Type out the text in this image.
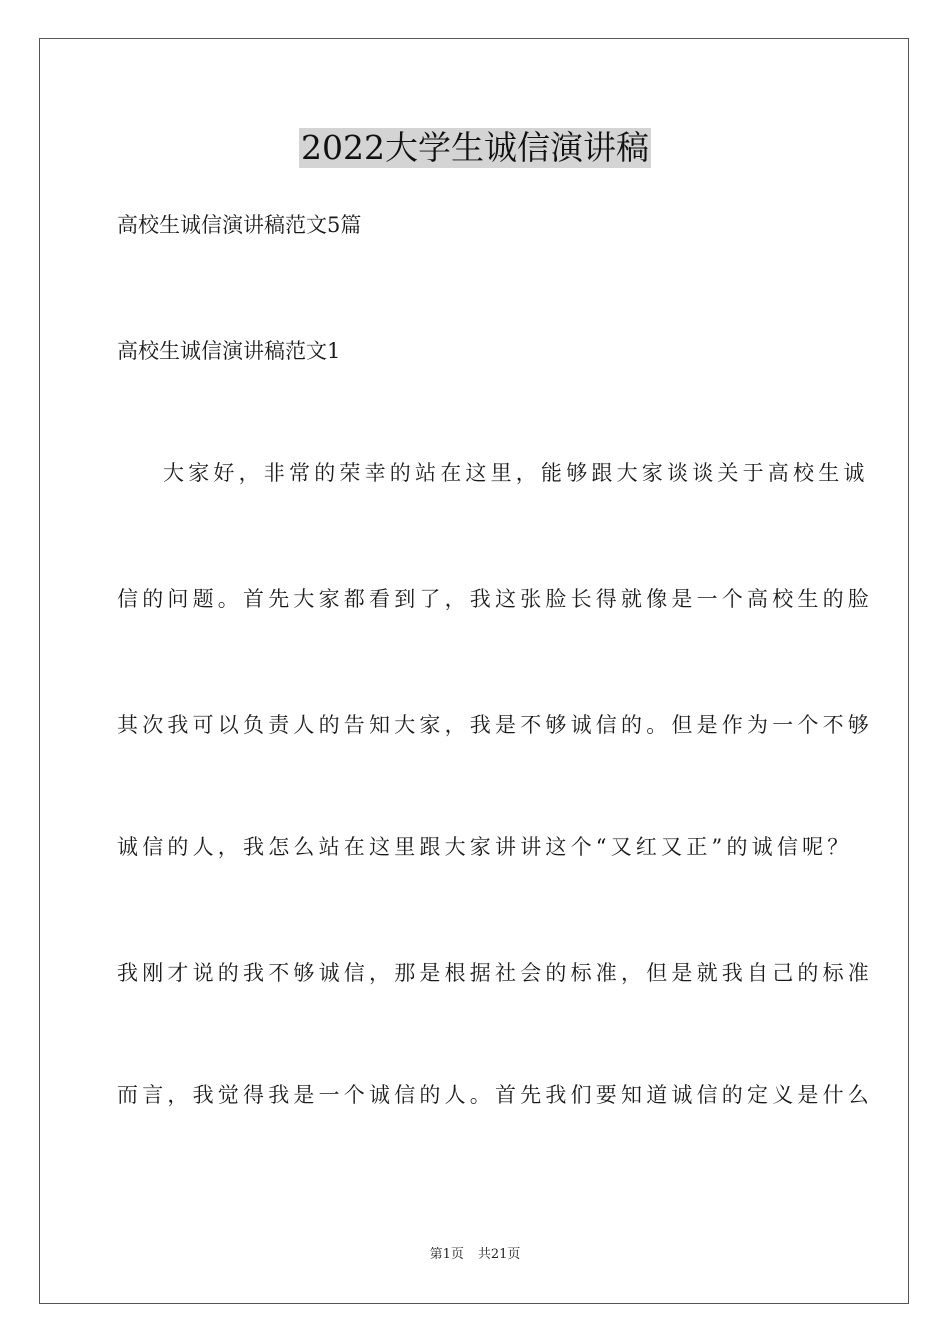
2022大学生诚信演讲稿
高校生诚信演讲稿范文5篇
高校生诚信演讲稿范文1
大家好，非常的荣幸的站在这里，能够跟大家谈谈关于高校生诚
信的问题。首先大家都看到了，我这张脸长得就像是一个高校生的脸
其次我可以负责人的告知大家，我是不够诚信的。但是作为一个不够
诚信的人，我怎么站在这里跟大家讲讲这个“又红又正”的诚信呢？
我刚才说的我不够诚信，那是根据社会的标准，但是就我自己的标准
而言，我觉得我是一个诚信的人。首先我们要知道诚信的定义是什么
第1页 共21页
